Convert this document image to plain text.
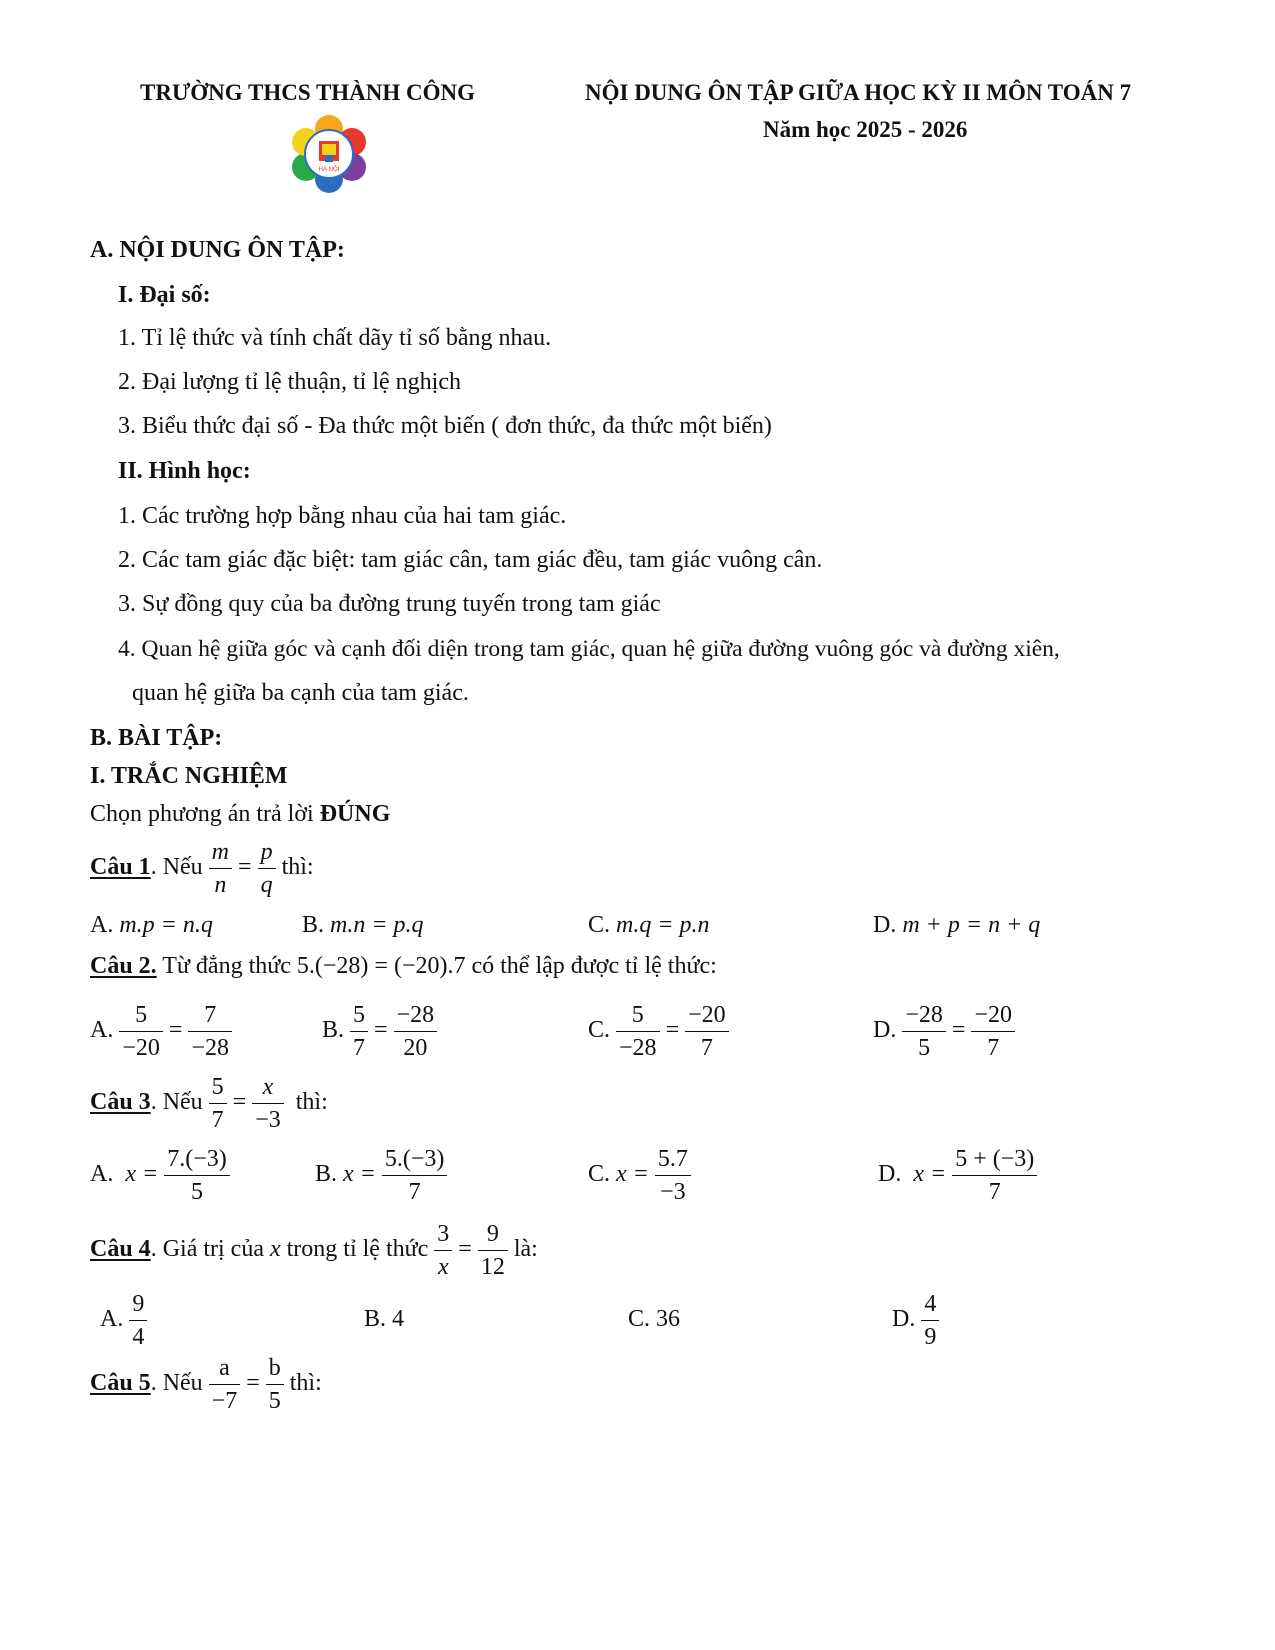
TRƯỜNG THCS THÀNH CÔNG	NỘI DUNG ÔN TẬP GIỮA HỌC KỲ II MÔN TOÁN 7
Năm học 2025 - 2026
HÀ NỘI
A. NỘI DUNG ÔN TẬP:
I. Đại số:
1. Tỉ lệ thức và tính chất dãy tỉ số bằng nhau.
2. Đại lượng tỉ lệ thuận, tỉ lệ nghịch
3. Biểu thức đại số - Đa thức một biến ( đơn thức, đa thức một biến)
II. Hình học:
1. Các trường hợp bằng nhau của hai tam giác.
2. Các tam giác đặc biệt: tam giác cân, tam giác đều, tam giác vuông cân.
3. Sự đồng quy của ba đường trung tuyến trong tam giác
4. Quan hệ giữa góc và cạnh đối diện trong tam giác, quan hệ giữa đường vuông góc và đường xiên,
quan hệ giữa ba cạnh của tam giác.
B. BÀI TẬP:
I. TRẮC NGHIỆM
Chọn phương án trả lời ĐÚNG
Câu 1. Nếu $\frac{m}{n} = \frac{p}{q}$ thì:
A. m.p = n.q	B. m.n = p.q	C. m.q = p.n	D. m + p = n + q
Câu 2. Từ đẳng thức 5.(−28) = (−20).7 có thể lập được tỉ lệ thức:
A. $\frac{5}{-20} = \frac{7}{-28}$	B. $\frac{5}{7} = \frac{-28}{20}$	C. $\frac{5}{-28} = \frac{-20}{7}$	D. $\frac{-28}{5} = \frac{-20}{7}$
Câu 3. Nếu $\frac{5}{7} = \frac{x}{-3}$ thì:
A. $x = \frac{7.(-3)}{5}$	B. $x = \frac{5.(-3)}{7}$	C. $x = \frac{5.7}{-3}$	D. $x = \frac{5 + (-3)}{7}$
Câu 4. Giá trị của x trong tỉ lệ thức $\frac{3}{x} = \frac{9}{12}$ là:
A. $\frac{9}{4}$	B. 4	C. 36	D. $\frac{4}{9}$
Câu 5. Nếu $\frac{a}{-7} = \frac{b}{5}$ thì:
